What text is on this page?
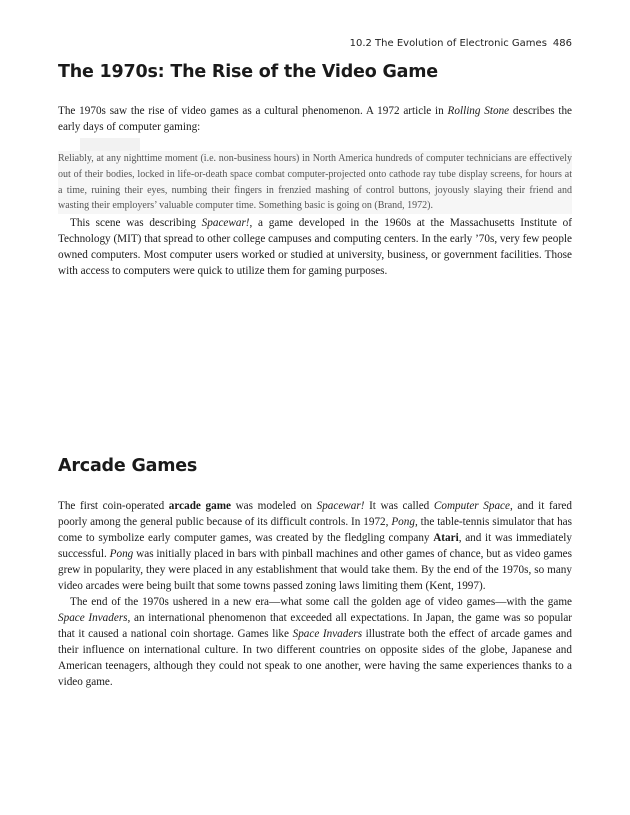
10.2 The Evolution of Electronic Games 486
The 1970s: The Rise of the Video Game

The 1970s saw the rise of video games as a cultural phenomenon. A 1972 article in Rolling Stone describes the early days of computer gaming:

Reliably, at any nighttime moment (i.e. non-business hours) in North America hundreds of computer technicians are effectively out of their bodies, locked in life-or-death space combat computer-projected onto cathode ray tube display screens, for hours at a time, ruining their eyes, numbing their fingers in frenzied mashing of control buttons, joyously slaying their friend and wasting their employers’ valuable computer time. Something basic is going on (Brand, 1972).

This scene was describing Spacewar!, a game developed in the 1960s at the Massachusetts Institute of Technology (MIT) that spread to other college campuses and computing centers. In the early ’70s, very few people owned computers. Most computer users worked or studied at university, business, or government facilities. Those with access to computers were quick to utilize them for gaming purposes.

Arcade Games

The first coin-operated arcade game was modeled on Spacewar! It was called Computer Space, and it fared poorly among the general public because of its difficult controls. In 1972, Pong, the table-tennis simulator that has come to symbolize early computer games, was created by the fledgling company Atari, and it was immediately successful. Pong was initially placed in bars with pinball machines and other games of chance, but as video games grew in popularity, they were placed in any establishment that would take them. By the end of the 1970s, so many video arcades were being built that some towns passed zoning laws limiting them (Kent, 1997).

The end of the 1970s ushered in a new era—what some call the golden age of video games—with the game Space Invaders, an international phenomenon that exceeded all expectations. In Japan, the game was so popular that it caused a national coin shortage. Games like Space Invaders illustrate both the effect of arcade games and their influence on international culture. In two different countries on opposite sides of the globe, Japanese and American teenagers, although they could not speak to one another, were having the same experiences thanks to a video game.
